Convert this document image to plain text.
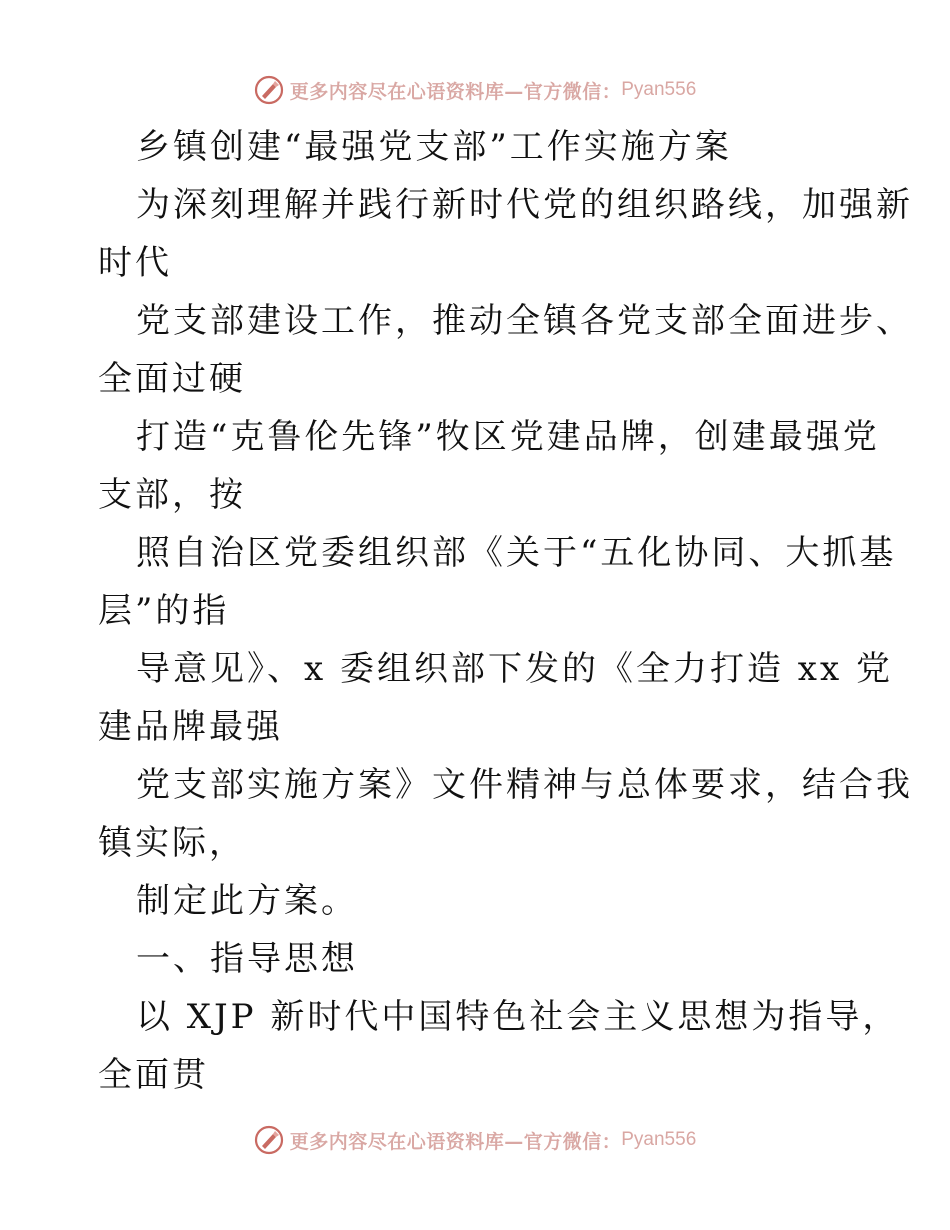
更多内容尽在心语资料库—官方微信： Pyan556
乡镇创建“最强党支部”工作实施方案
为深刻理解并践行新时代党的组织路线，加强新
时代
党支部建设工作，推动全镇各党支部全面进步、
全面过硬
打造“克鲁伦先锋”牧区党建品牌，创建最强党
支部，按
照自治区党委组织部《关于“五化协同、大抓基
层”的指
导意见》、x 委组织部下发的《全力打造 xx 党
建品牌最强
党支部实施方案》文件精神与总体要求，结合我
镇实际，
制定此方案。
一、指导思想
以 XJP 新时代中国特色社会主义思想为指导，
全面贯
更多内容尽在心语资料库—官方微信： Pyan556
